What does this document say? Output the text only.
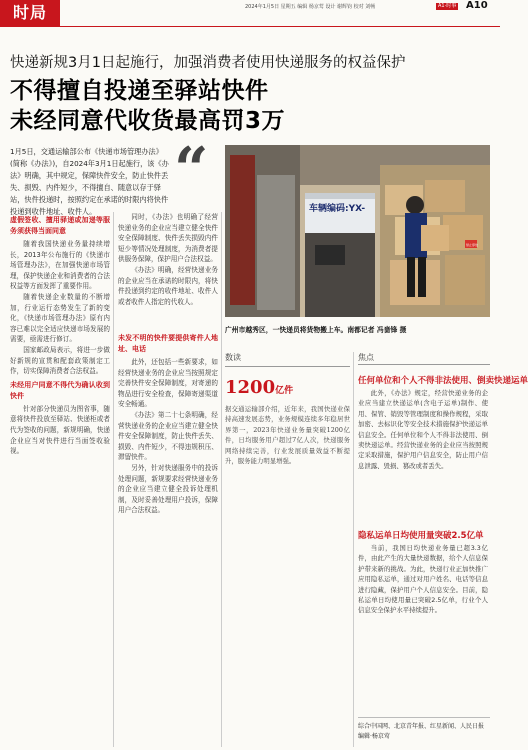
时局	2024年1月5日 星期五 编辑 杨京莺 设计 谢辉钧 校对 刘畅	A1·时事 A10
快递新规3月1日起施行，加强消费者使用快递服务的权益保护
不得擅自投递至驿站快件
未经同意代收货最高罚3万
1月5日，交通运输部公布《快递市场管理办法》(简称《办法》)，自2024年3月1日起施行，该《办法》明确，其中规定，保障快件安全，防止快件丢失、损毁、内件短少，不得擅自、随意以存于驿站，快件投递时，按照约定在承诺的时限内将快件投递到收件地址、收件人。
“
车辆编码:YX-
禁止停放
广州市越秀区，一快递员将货物搬上车。南都记者 冯啬锋 摄

虚假签收、擅用驿递或加递等服务须获得当面同意

随着我国快递业务量持续增长，2013年公布施行的《快递市场管理办法》，在加强快递市场管理，保护快递企业和消费者的合法权益等方面发挥了重要作用。

随着快递企业数量的不断增加，行业运行态势发生了新的变化，《快递市场管理办法》原有内容已难以完全适应快递市场发展的需要，亟需进行修订。

国家邮政局表示，将进一步做好新规的宣贯和配套政策制定工作，切实保障消费者合法权益。

未经用户同意不得代为确认收到快件

针对部分快递员为图省事，随意将快件投放至驿站、快递柜或者代为签收的问题，新规明确，快递企业应当对快件进行当面签收验视。

同时，《办法》也明确了经营快递业务的企业应当建立健全快件安全保障制度、快件丢失损毁内件短少等情况处理制度，为消费者提供服务保障，保护用户合法权益。

《办法》明确，经营快递业务的企业应当在承诺的时限内，将快件投递到约定的收件地址、收件人或者收件人指定的代收人。

未发不明的快件要提供寄件人地址、电话

此外，还包括一些新要求，如经营快递业务的企业应当按照规定完善快件安全保障制度，对寄递的物品进行安全检查，保障寄递渠道安全畅通。

《办法》第二十七条明确，经营快递业务的企业应当建立健全快件安全保障制度，防止快件丢失、损毁、内件短少，不得违规积压、滞留快件。

另外，针对快递服务中的投诉处理问题，新规要求经营快递业务的企业应当建立健全投诉处理机制，及时妥善处理用户投诉，保障用户合法权益。

数读
1200亿件
据交通运输部介绍，近年来，我国快递业保持高速发展态势，业务规模连续多年稳居世界第一，2023年快递业务量突破1200亿件，日均服务用户超过7亿人次，快递服务网络持续完善，行业发展质量效益不断提升，服务能力明显增强。
焦点
任何单位和个人不得非法使用、倒卖快递运单

此外，《办法》规定，经营快递业务的企业应当建立快递运单(含电子运单)制作、使用、保管、销毁等管理制度和操作规程，采取加密、去标识化等安全技术措施保护快递运单信息安全。任何单位和个人不得非法使用、倒卖快递运单。经营快递业务的企业应当按照规定采取措施，保护用户信息安全，防止用户信息泄露、毁损、篡改或者丢失。

隐私运单日均使用量突破2.5亿单

当前，我国日均快递业务量已超3.3亿件，由此产生的大量快递数据，给个人信息保护带来新的挑战。为此，快递行业正加快推广应用隐私运单，通过对用户姓名、电话等信息进行隐藏，保护用户个人信息安全。目前，隐私运单日均使用量已突破2.5亿单，行业个人信息安全保护水平持续提升。

综合中国网、北京青年报、红星新闻、人民日报
编辑·杨京莺
